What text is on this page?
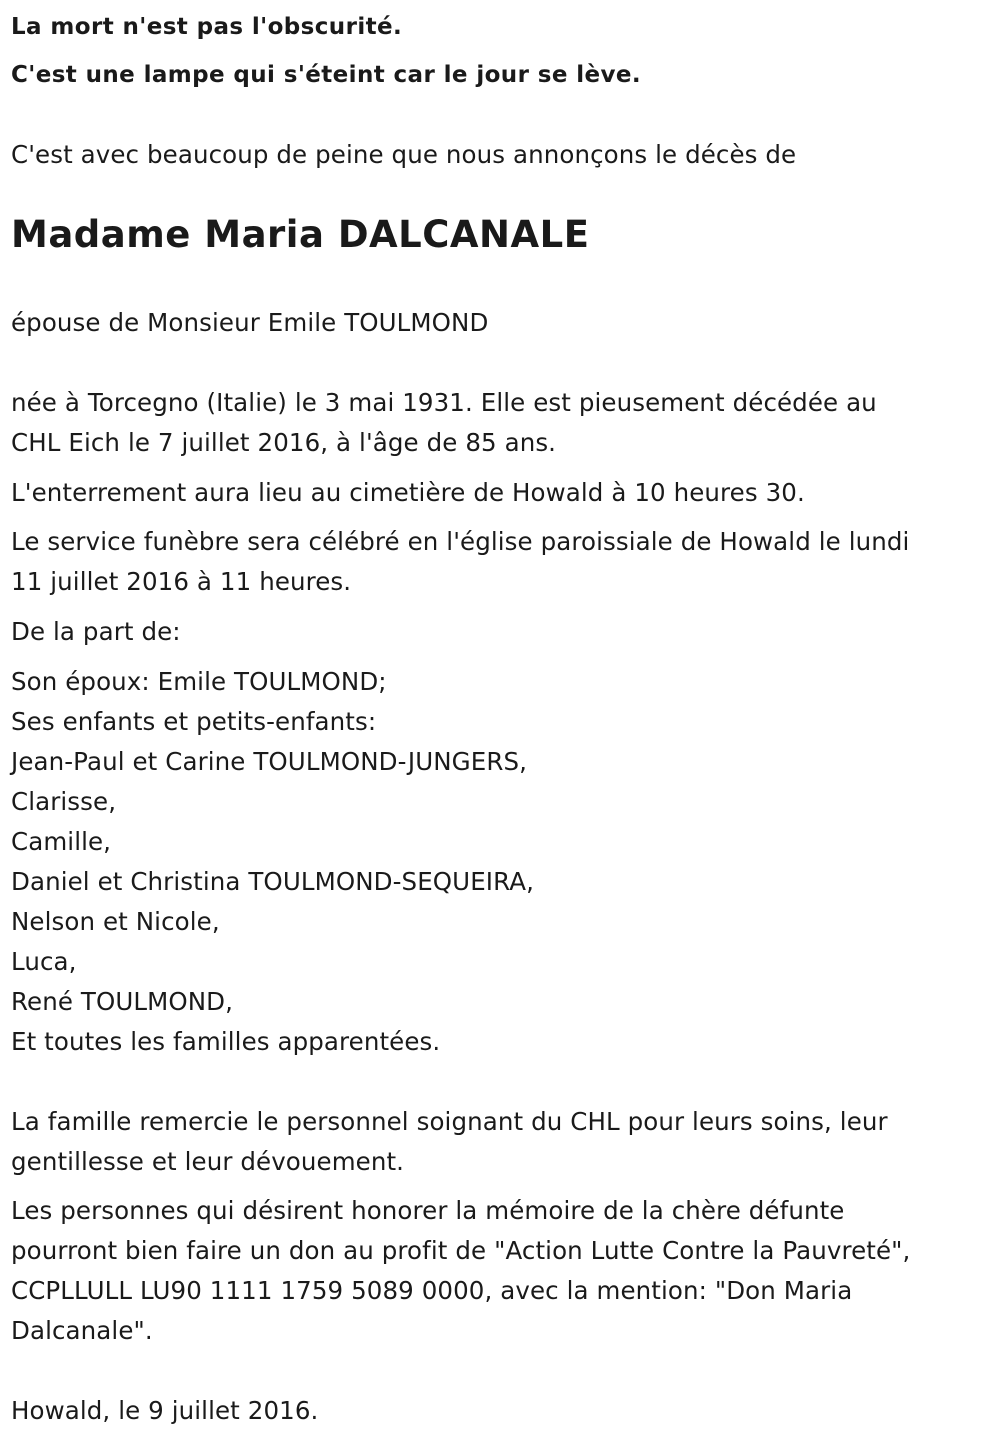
La mort n'est pas l'obscurité.
C'est une lampe qui s'éteint car le jour se lève.
C'est avec beaucoup de peine que nous annonçons le décès de
Madame Maria DALCANALE
épouse de Monsieur Emile TOULMOND
née à Torcegno (Italie) le 3 mai 1931. Elle est pieusement décédée au
CHL Eich le 7 juillet 2016, à l'âge de 85 ans.
L'enterrement aura lieu au cimetière de Howald à 10 heures 30.
Le service funèbre sera célébré en l'église paroissiale de Howald le lundi
11 juillet 2016 à 11 heures.
De la part de:
Son époux: Emile TOULMOND;
Ses enfants et petits-enfants:
Jean-Paul et Carine TOULMOND-JUNGERS,
Clarisse,
Camille,
Daniel et Christina TOULMOND-SEQUEIRA,
Nelson et Nicole,
Luca,
René TOULMOND,
Et toutes les familles apparentées.
La famille remercie le personnel soignant du CHL pour leurs soins, leur
gentillesse et leur dévouement.
Les personnes qui désirent honorer la mémoire de la chère défunte
pourront bien faire un don au profit de "Action Lutte Contre la Pauvreté",
CCPLLULL LU90 1111 1759 5089 0000, avec la mention: "Don Maria
Dalcanale".
Howald, le 9 juillet 2016.
